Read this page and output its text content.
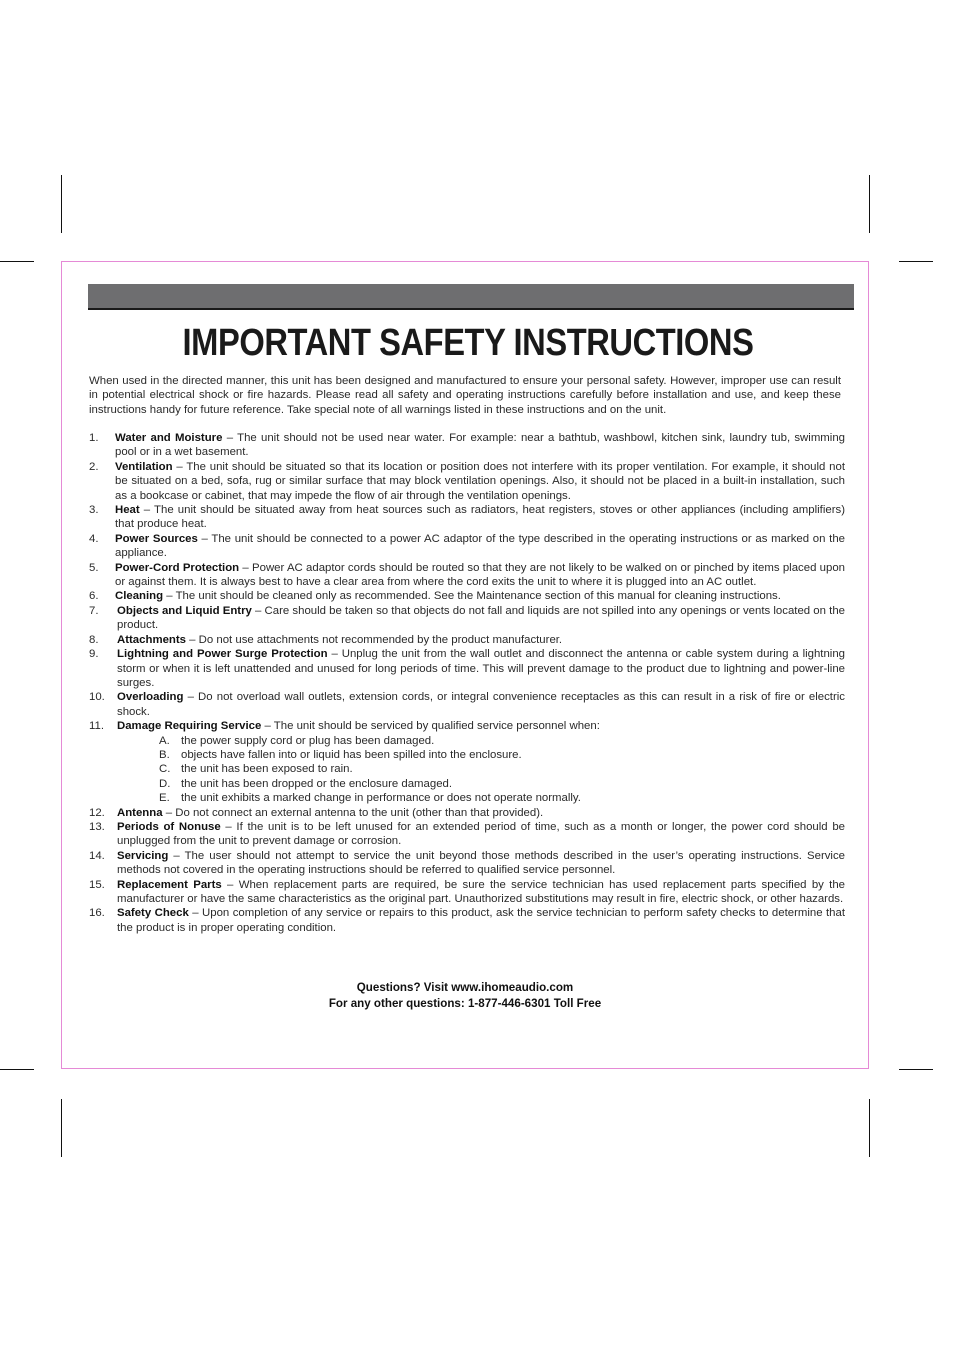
IMPORTANT SAFETY INSTRUCTIONS

When used in the directed manner, this unit has been designed and manufactured to ensure your personal safety. However, improper use can result in potential electrical shock or fire hazards. Please read all safety and operating instructions carefully before installation and use, and keep these instructions handy for future reference. Take special note of all warnings listed in these instructions and on the unit.

1. Water and Moisture – The unit should not be used near water. For example: near a bathtub, washbowl, kitchen sink, laundry tub, swimming pool or in a wet basement.
2. Ventilation – The unit should be situated so that its location or position does not interfere with its proper ventilation. For example, it should not be situated on a bed, sofa, rug or similar surface that may block ventilation openings. Also, it should not be placed in a built-in installation, such as a bookcase or cabinet, that may impede the flow of air through the ventilation openings.
3. Heat – The unit should be situated away from heat sources such as radiators, heat registers, stoves or other appliances (including amplifiers) that produce heat.
4. Power Sources – The unit should be connected to a power AC adaptor of the type described in the operating instructions or as marked on the appliance.
5. Power-Cord Protection – Power AC adaptor cords should be routed so that they are not likely to be walked on or pinched by items placed upon or against them. It is always best to have a clear area from where the cord exits the unit to where it is plugged into an AC outlet.
6. Cleaning – The unit should be cleaned only as recommended. See the Maintenance section of this manual for cleaning instructions.
7. Objects and Liquid Entry – Care should be taken so that objects do not fall and liquids are not spilled into any openings or vents located on the product.
8. Attachments – Do not use attachments not recommended by the product manufacturer.
9. Lightning and Power Surge Protection – Unplug the unit from the wall outlet and disconnect the antenna or cable system during a lightning storm or when it is left unattended and unused for long periods of time. This will prevent damage to the product due to lightning and power-line surges.
10. Overloading – Do not overload wall outlets, extension cords, or integral convenience receptacles as this can result in a risk of fire or electric shock.
11. Damage Requiring Service – The unit should be serviced by qualified service personnel when:
A. the power supply cord or plug has been damaged.
B. objects have fallen into or liquid has been spilled into the enclosure.
C. the unit has been exposed to rain.
D. the unit has been dropped or the enclosure damaged.
E. the unit exhibits a marked change in performance or does not operate normally.
12. Antenna – Do not connect an external antenna to the unit (other than that provided).
13. Periods of Nonuse – If the unit is to be left unused for an extended period of time, such as a month or longer, the power cord should be unplugged from the unit to prevent damage or corrosion.
14. Servicing – The user should not attempt to service the unit beyond those methods described in the user’s operating instructions. Service methods not covered in the operating instructions should be referred to qualified service personnel.
15. Replacement Parts – When replacement parts are required, be sure the service technician has used replacement parts specified by the manufacturer or have the same characteristics as the original part. Unauthorized substitutions may result in fire, electric shock, or other hazards.
16. Safety Check – Upon completion of any service or repairs to this product, ask the service technician to perform safety checks to determine that the product is in proper operating condition.

Questions? Visit www.ihomeaudio.com

For any other questions: 1-877-446-6301 Toll Free
